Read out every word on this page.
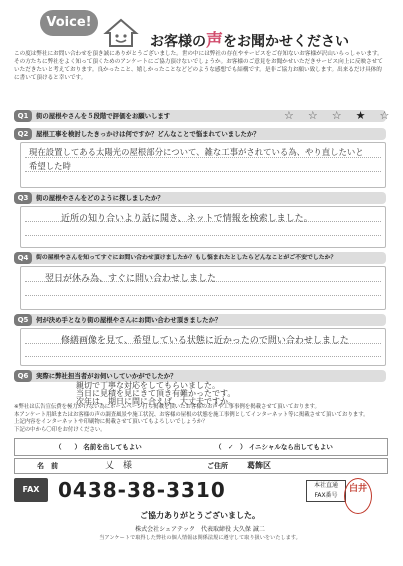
Voice!
お客様の声をお聞かせください
この度は弊社にお問い合わせを頂き誠にありがとうございました。世の中には弊社の存在やサービスをご存知ないお客様が沢山いらっしゃいます。その方たちに弊社をよく知って頂くためのアンケートにご協力頂けないでしょうか。お客様のご意見をお聞かせいただきサービス向上に反映させていただきたいと考えております。良かったこと、嬉しかったことなどどのような感想でも結構です。是非ご協力お願い致します。出来るだけ具体的に書いて頂けると幸いです。
Q1	街の屋根やさんを５段階で評価をお願いします	☆☆☆★☆
Q2	屋根工事を検討したきっかけは何ですか？どんなことで悩まれていましたか？
現在設置してある太陽光の屋根部分について、雑な工事がされている為、やり直したいと
希望した時
Q3	街の屋根やさんをどのように探しましたか？
近所の知り合いより話に聞き、ネットで情報を検索しました。
Q4	街の屋根やさんを知ってすぐにお問い合わせ頂けましたか？もし悩まれたとしたらどんなことがご不安でしたか？
翌日が休み為、すぐに問い合わせしました
Q5	何が決め手となり街の屋根やさんにお問い合わせ頂きましたか？
修繕画像を見て、希望している状態に近かったので問い合わせしました
Q6	実際に弊社担当者がお伺いしていかがでしたか？
親切で丁寧な対応をしてもらいました。
当日に見積を見にきて頂き有難かったです。
次年は、期日に間に合えば、大丈夫ですか。
※弊社は広告宣伝費を極力かけない為にホームページ打ち掲載を頂いたお客様のお声や工事事例を掲載させて頂いております。
本アンケート用紙またはお客様の声の調査風景や施工状況、お客様の屋根の状態を施工事例としてインターネット等に掲載させて頂いております。
上記内容をインターネットや印刷物に掲載させて頂いてもよろしいでしょうか？
下記の中から〇印をお付けください。
（　　） 名前を出してもよい	（　✓　） イニシャルなら出してもよい
名　前	乂　様	ご住所 葛飾区
FAX 0438-38-3310	本社直通
FAX番号
白井
ご協力ありがとうございました。
株式会社シェアテック　代表取締役 大久保 誠二
当アンケートで取得した弊社の個人情報は関係法規に遵守して取り扱いをいたします。
